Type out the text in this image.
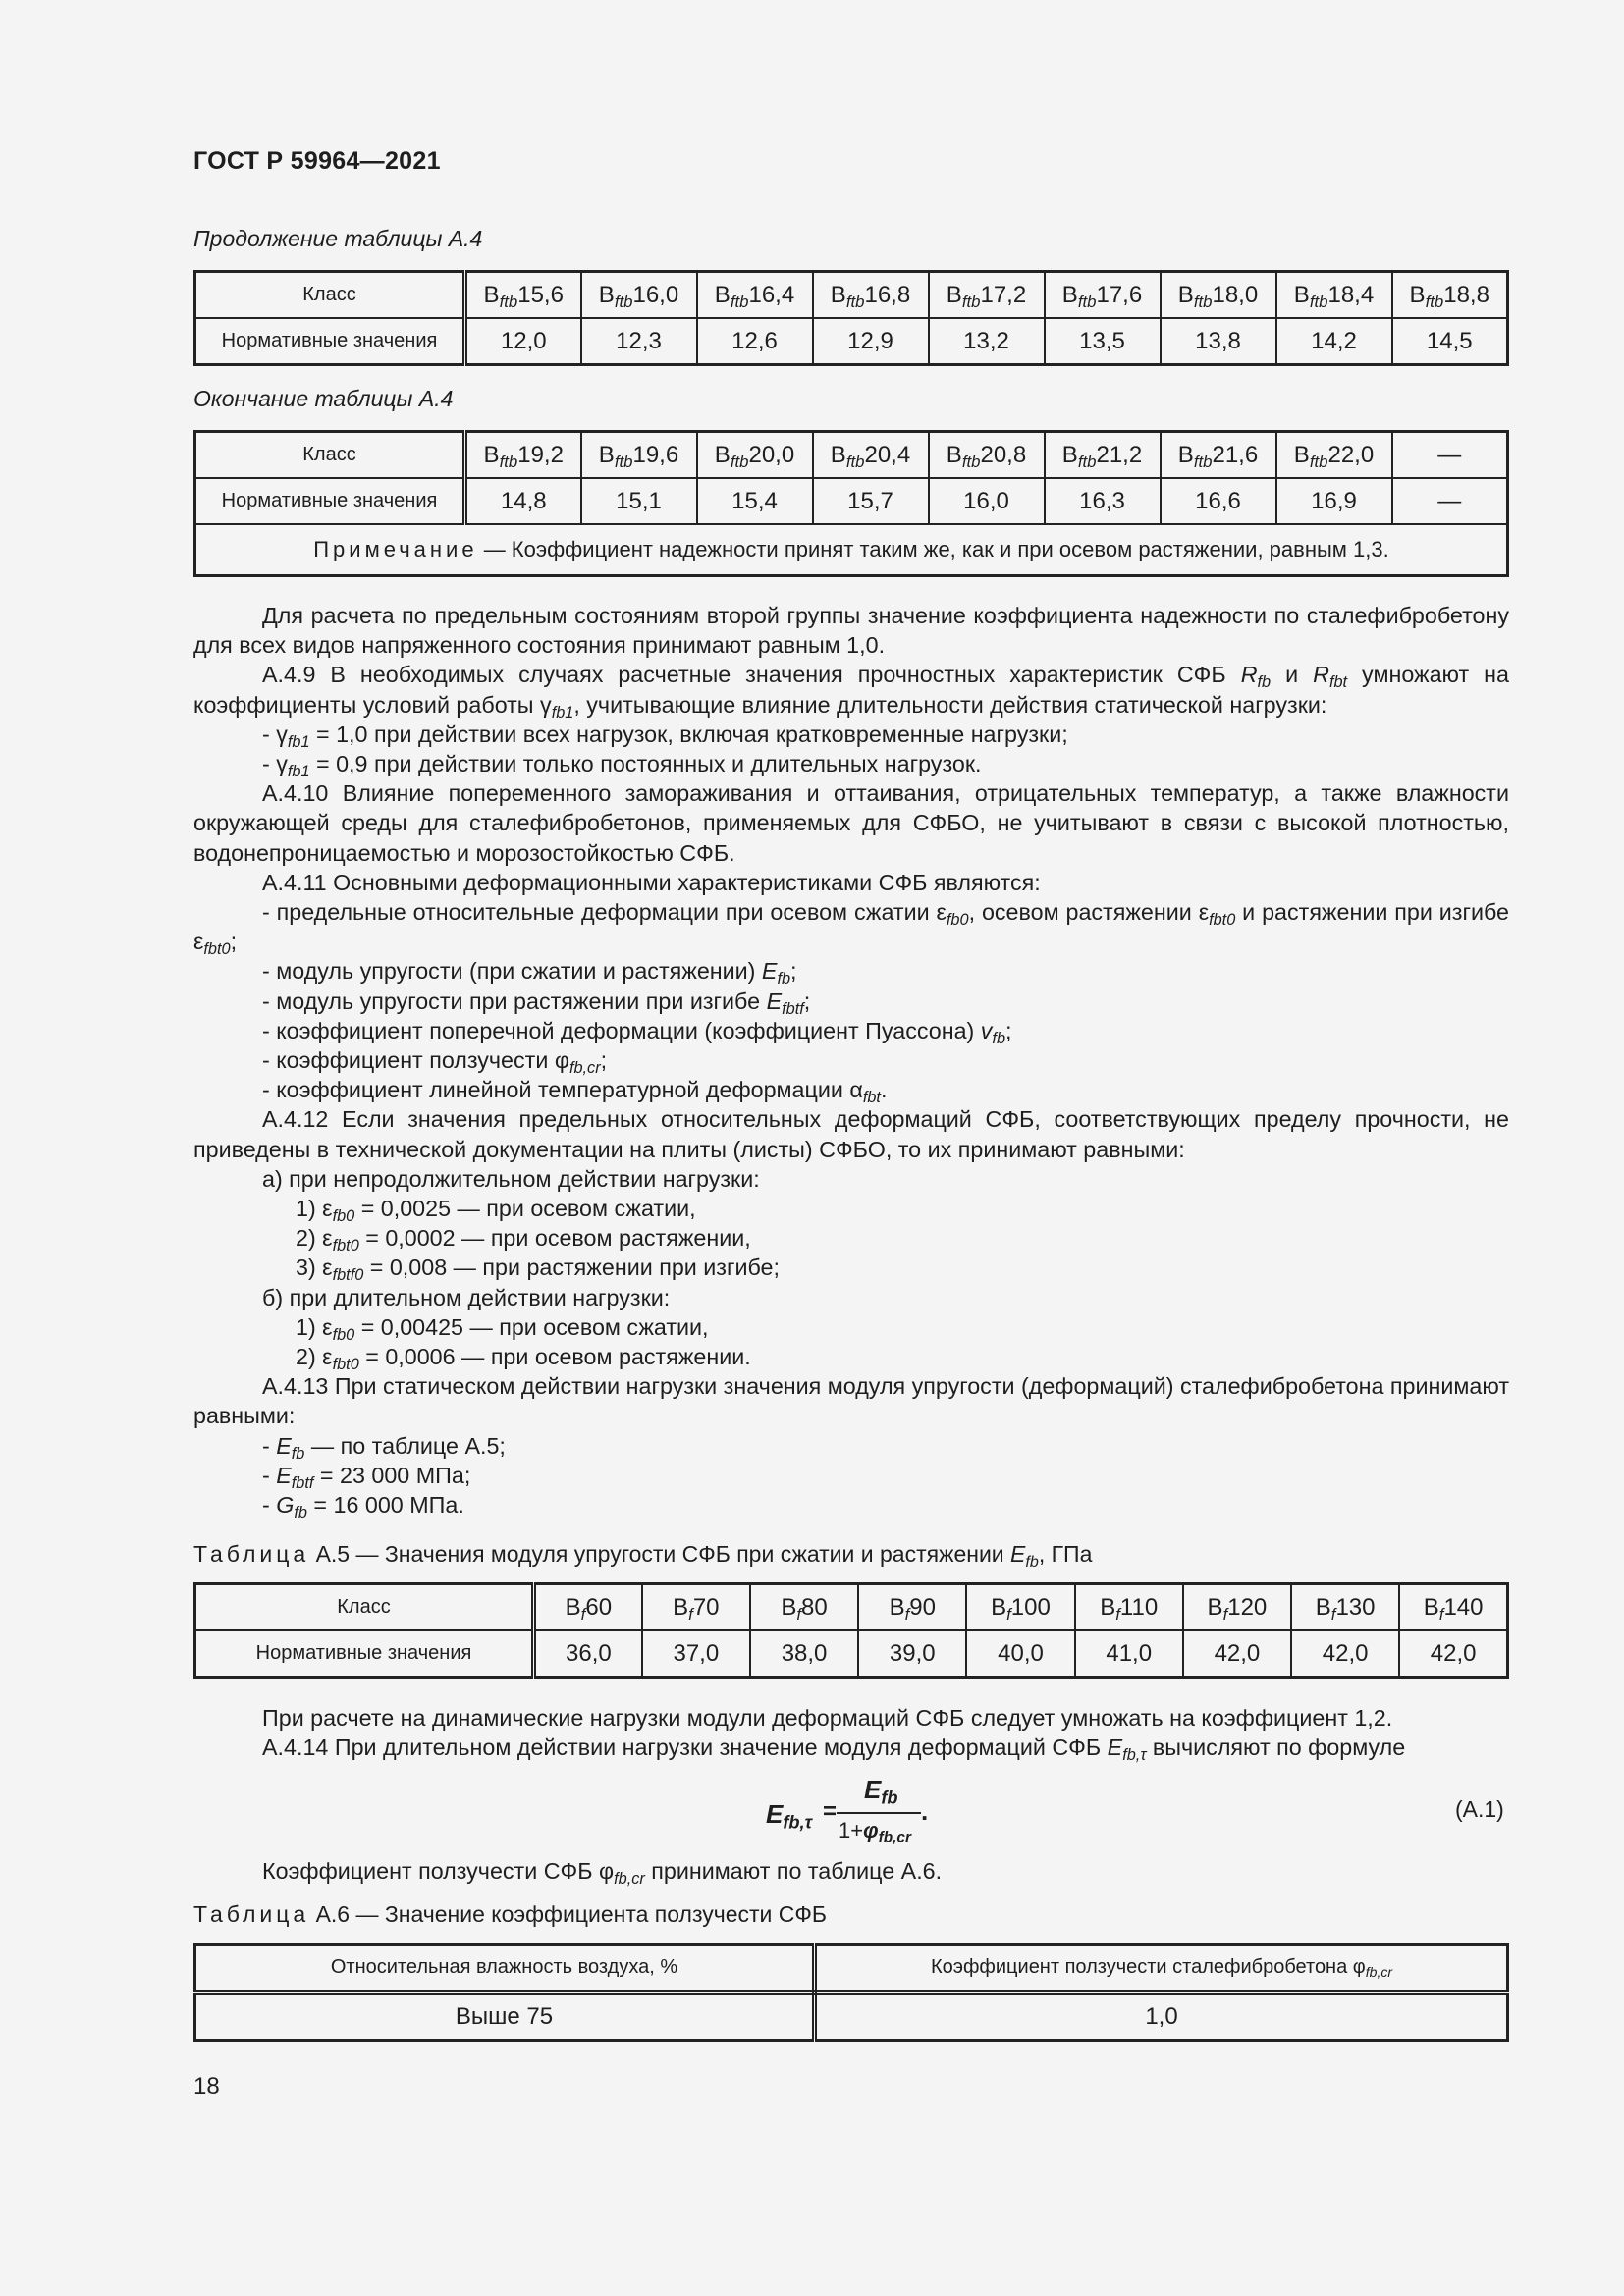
ГОСТ Р 59964—2021
Продолжение таблицы А.4
Класс	$B_{ftb}15,6$	$B_{ftb}16,0$	$B_{ftb}16,4$	$B_{ftb}16,8$	$B_{ftb}17,2$	$B_{ftb}17,6$	$B_{ftb}18,0$	$B_{ftb}18,4$	$B_{ftb}18,8$
Нормативные значения	12,0	12,3	12,6	12,9	13,2	13,5	13,8	14,2	14,5
Окончание таблицы А.4
Класс	$B_{ftb}19,2$	$B_{ftb}19,6$	$B_{ftb}20,0$	$B_{ftb}20,4$	$B_{ftb}20,8$	$B_{ftb}21,2$	$B_{ftb}21,6$	$B_{ftb}22,0$	—
Нормативные значения	14,8	15,1	15,4	15,7	16,0	16,3	16,6	16,9	—
Примечание — Коэффициент надежности принят таким же, как и при осевом растяжении, равным 1,3.									

Для расчета по предельным состояниям второй группы значение коэффициента надежности по сталефибробетону для всех видов напряженного состояния принимают равным 1,0.

А.4.9 В необходимых случаях расчетные значения прочностных характеристик СФБ $R_{fb}$ и $R_{fbt}$ умножают на коэффициенты условий работы $\gamma_{fb1}$, учитывающие влияние длительности действия статической нагрузки:

- $\gamma_{fb1} = 1,0$ при действии всех нагрузок, включая кратковременные нагрузки;

- $\gamma_{fb1} = 0,9$ при действии только постоянных и длительных нагрузок.

А.4.10 Влияние попеременного замораживания и оттаивания, отрицательных температур, а также влажности окружающей среды для сталефибробетонов, применяемых для СФБО, не учитывают в связи с высокой плотностью, водонепроницаемостью и морозостойкостью СФБ.

А.4.11 Основными деформационными характеристиками СФБ являются:

- предельные относительные деформации при осевом сжатии $\varepsilon_{fb0}$, осевом растяжении $\varepsilon_{fbt0}$ и растяжении при изгибе $\varepsilon_{fbt0}$;

- модуль упругости (при сжатии и растяжении) $E_{fb}$;

- модуль упругости при растяжении при изгибе $E_{fbtf}$;

- коэффициент поперечной деформации (коэффициент Пуассона) $v_{fb}$;

- коэффициент ползучести $\varphi_{fb,cr}$;

- коэффициент линейной температурной деформации $\alpha_{fbt}$.

А.4.12 Если значения предельных относительных деформаций СФБ, соответствующих пределу прочности, не приведены в технической документации на плиты (листы) СФБО, то их принимают равными:

а) при непродолжительном действии нагрузки:

1) $\varepsilon_{fb0} = 0,0025$ — при осевом сжатии,

2) $\varepsilon_{fbt0} = 0,0002$ — при осевом растяжении,

3) $\varepsilon_{fbtf0} = 0,008$ — при растяжении при изгибе;

б) при длительном действии нагрузки:

1) $\varepsilon_{fb0} = 0,00425$ — при осевом сжатии,

2) $\varepsilon_{fbt0} = 0,0006$ — при осевом растяжении.

А.4.13 При статическом действии нагрузки значения модуля упругости (деформаций) сталефибробетона принимают равными:

- $E_{fb}$ — по таблице А.5;

- $E_{fbtf} = 23$ 000 МПа;

- $G_{fb} = 16$ 000 МПа.

Таблица А.5 — Значения модуля упругости СФБ при сжатии и растяжении $E_{fb}$, ГПа
Класс	$B_f60$	$B_f70$	$B_f80$	$B_f90$	$B_f100$	$B_f110$	$B_f120$	$B_f130$	$B_f140$
Нормативные значения	36,0	37,0	38,0	39,0	40,0	41,0	42,0	42,0	42,0

При расчете на динамические нагрузки модули деформаций СФБ следует умножать на коэффициент 1,2.

А.4.14 При длительном действии нагрузки значение модуля деформаций СФБ $E_{fb,\tau}$ вычисляют по формуле

$E_{fb,\tau}$ =
$E_{fb}$
$1+\varphi_{fb,cr}$
.	(А.1)

Коэффициент ползучести СФБ $\varphi_{fb,cr}$ принимают по таблице А.6.

Таблица А.6 — Значение коэффициента ползучести СФБ
Относительная влажность воздуха, %	Коэффициент ползучести сталефибробетона $\varphi_{fb,cr}$
Выше 75	1,0
18
